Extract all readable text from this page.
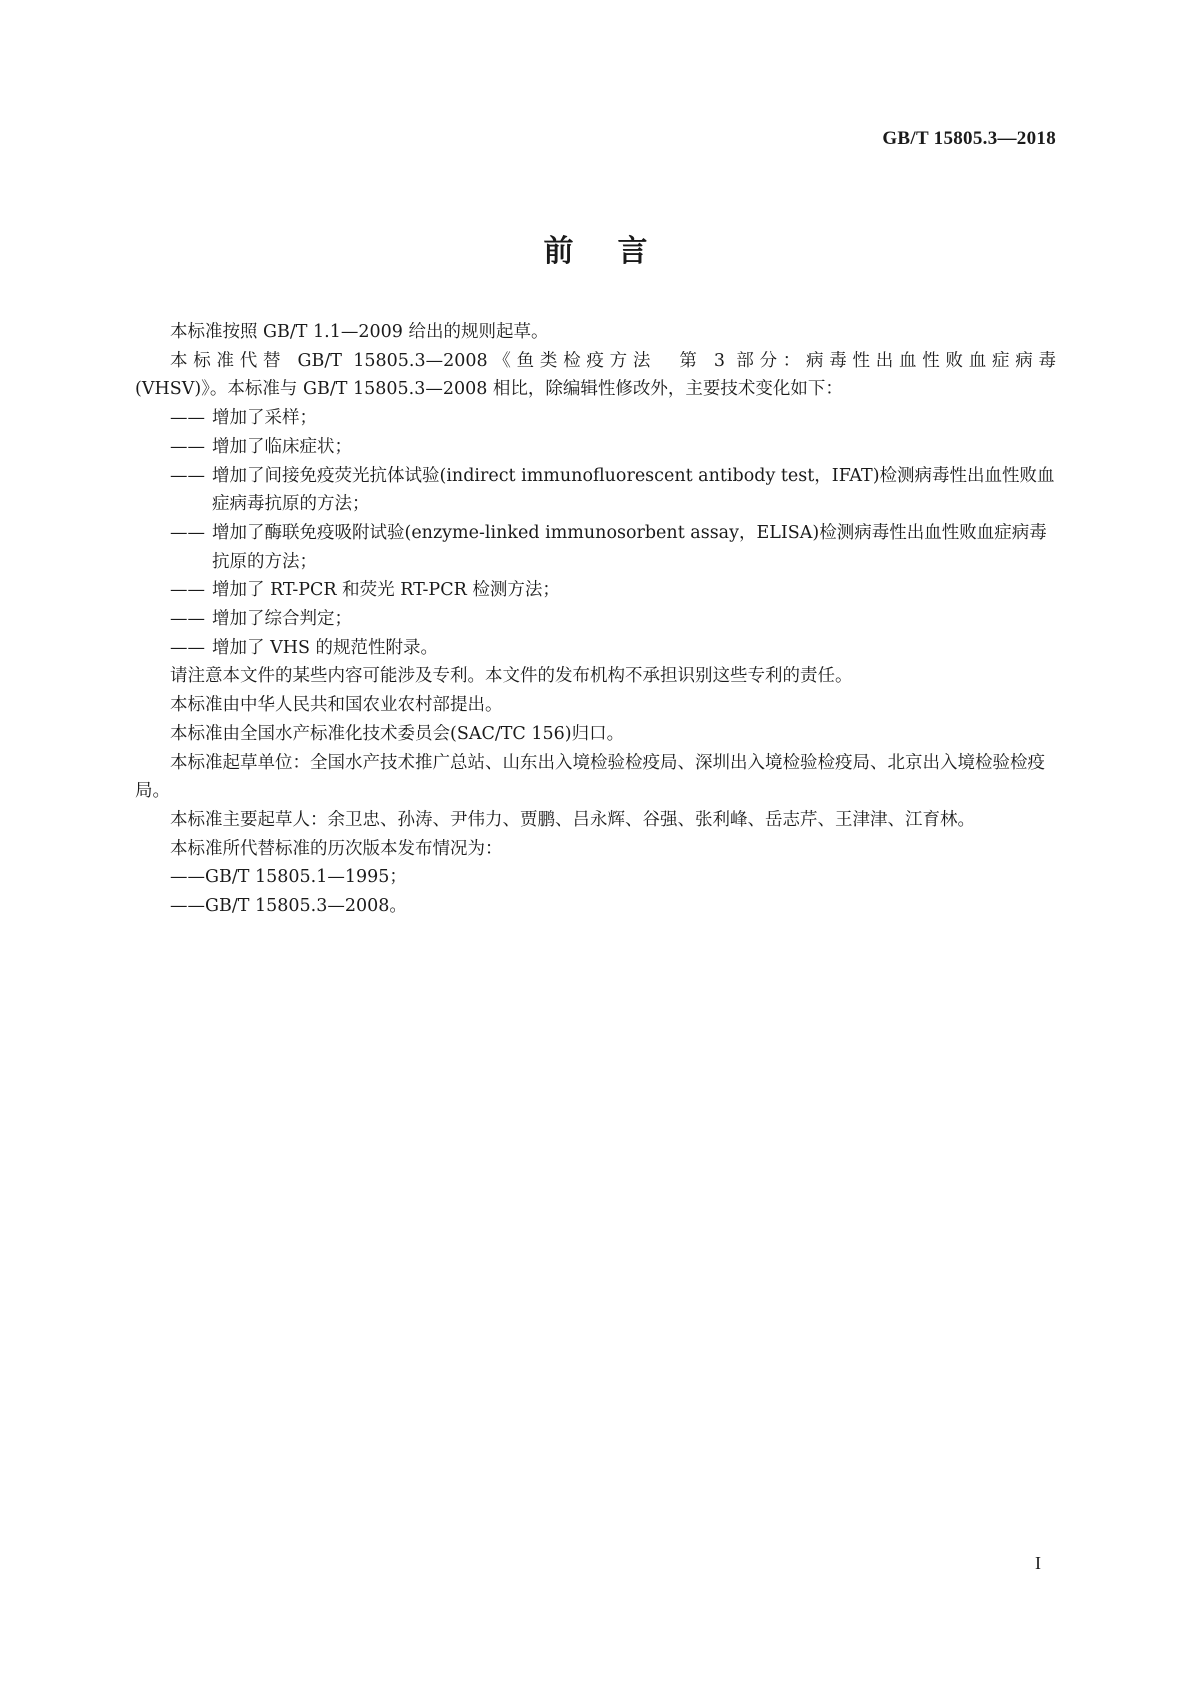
GB/T 15805.3—2018
前言

本标准按照 GB/T 1.1—2009 给出的规则起草。

本标准代替 GB/T 15805.3—2008《鱼类检疫方法　第 3 部分：病毒性出血性败血症病毒

(VHSV)》。本标准与 GB/T 15805.3—2008 相比，除编辑性修改外，主要技术变化如下：

—— 增加了采样；

—— 增加了临床症状；

—— 增加了间接免疫荧光抗体试验(indirect immunofluorescent antibody test，IFAT)检测病毒性出血性败血症病毒抗原的方法；

—— 增加了酶联免疫吸附试验(enzyme-linked immunosorbent assay，ELISA)检测病毒性出血性败血症病毒抗原的方法；

—— 增加了 RT-PCR 和荧光 RT-PCR 检测方法；

—— 增加了综合判定；

—— 增加了 VHS 的规范性附录。

请注意本文件的某些内容可能涉及专利。本文件的发布机构不承担识别这些专利的责任。

本标准由中华人民共和国农业农村部提出。

本标准由全国水产标准化技术委员会(SAC/TC 156)归口。

本标准起草单位：全国水产技术推广总站、山东出入境检验检疫局、深圳出入境检验检疫局、北京出入境检验检疫局。

本标准主要起草人：余卫忠、孙涛、尹伟力、贾鹏、吕永辉、谷强、张利峰、岳志芹、王津津、江育林。

本标准所代替标准的历次版本发布情况为：

——GB/T 15805.1—1995；

——GB/T 15805.3—2008。

I
